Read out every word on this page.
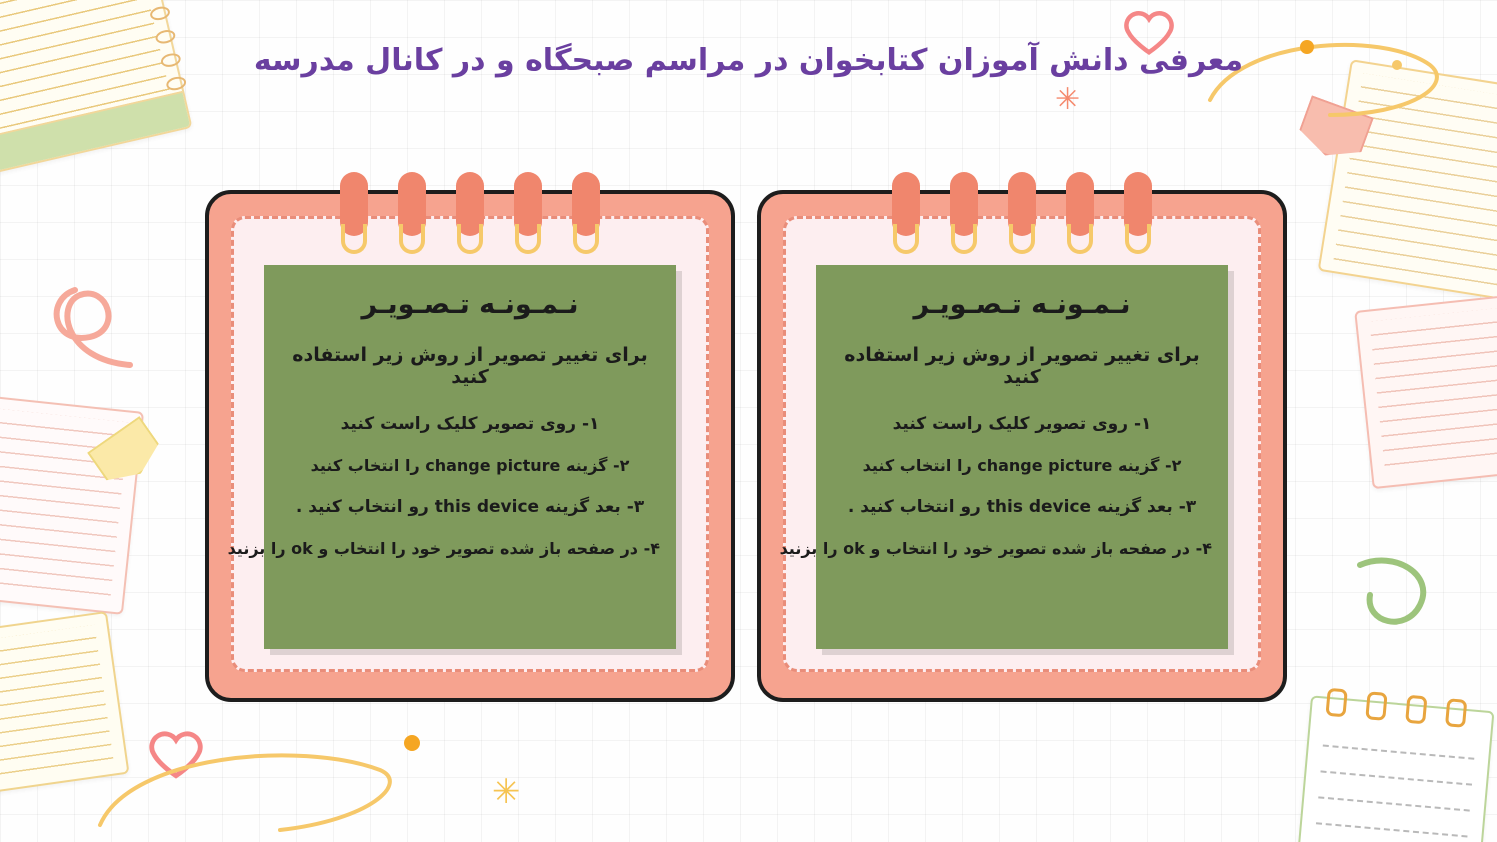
✳
✳
معرفی دانش آموزان کتابخوان در مراسم صبحگاه و در کانال مدرسه
نـمـونـه تـصـویـر
برای تغییر تصویر از روش زیر استفاده کنید
۱- روی تصویر کلیک راست کنید
۲- گزینه change picture را انتخاب کنید
۳- بعد گزینه this device رو انتخاب کنید .
۴- در صفحه باز شده تصویر خود را انتخاب و ok را بزنید
نـمـونـه تـصـویـر
برای تغییر تصویر از روش زیر استفاده کنید
۱- روی تصویر کلیک راست کنید
۲- گزینه change picture را انتخاب کنید
۳- بعد گزینه this device رو انتخاب کنید .
۴- در صفحه باز شده تصویر خود را انتخاب و ok را بزنید
